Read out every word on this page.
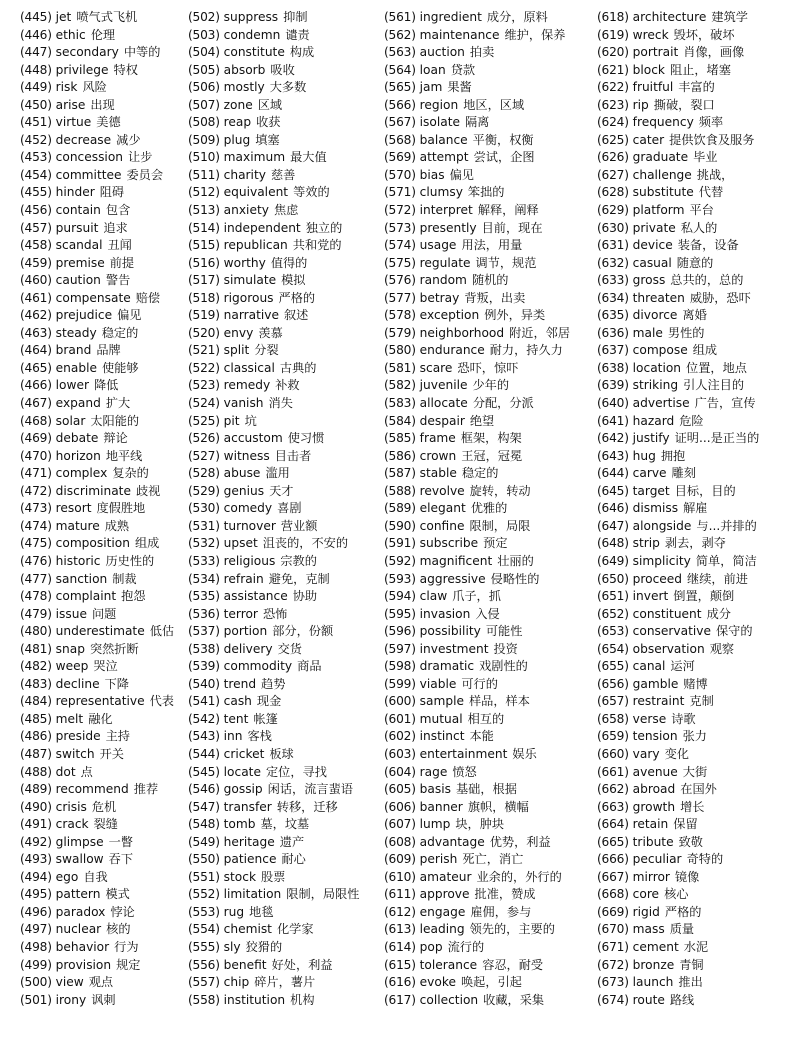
(445) jet 喷气式飞机
(446) ethic 伦理
(447) secondary 中等的
(448) privilege 特权
(449) risk 风险
(450) arise 出现
(451) virtue 美德
(452) decrease 减少
(453) concession 让步
(454) committee 委员会
(455) hinder 阻碍
(456) contain 包含
(457) pursuit 追求
(458) scandal 丑闻
(459) premise 前提
(460) caution 警告
(461) compensate 赔偿
(462) prejudice 偏见
(463) steady 稳定的
(464) brand 品牌
(465) enable 使能够
(466) lower 降低
(467) expand 扩大
(468) solar 太阳能的
(469) debate 辩论
(470) horizon 地平线
(471) complex 复杂的
(472) discriminate 歧视
(473) resort 度假胜地
(474) mature 成熟
(475) composition 组成
(476) historic 历史性的
(477) sanction 制裁
(478) complaint 抱怨
(479) issue 问题
(480) underestimate 低估
(481) snap 突然折断
(482) weep 哭泣
(483) decline 下降
(484) representative 代表
(485) melt 融化
(486) preside 主持
(487) switch 开关
(488) dot 点
(489) recommend 推荐
(490) crisis 危机
(491) crack 裂缝
(492) glimpse 一瞥
(493) swallow 吞下
(494) ego 自我
(495) pattern 模式
(496) paradox 悖论
(497) nuclear 核的
(498) behavior 行为
(499) provision 规定
(500) view 观点
(501) irony 讽刺
(502) suppress 抑制
(503) condemn 谴责
(504) constitute 构成
(505) absorb 吸收
(506) mostly 大多数
(507) zone 区域
(508) reap 收获
(509) plug 填塞
(510) maximum 最大值
(511) charity 慈善
(512) equivalent 等效的
(513) anxiety 焦虑
(514) independent 独立的
(515) republican 共和党的
(516) worthy 值得的
(517) simulate 模拟
(518) rigorous 严格的
(519) narrative 叙述
(520) envy 羡慕
(521) split 分裂
(522) classical 古典的
(523) remedy 补救
(524) vanish 消失
(525) pit 坑
(526) accustom 使习惯
(527) witness 目击者
(528) abuse 滥用
(529) genius 天才
(530) comedy 喜剧
(531) turnover 营业额
(532) upset 沮丧的，不安的
(533) religious 宗教的
(534) refrain 避免，克制
(535) assistance 协助
(536) terror 恐怖
(537) portion 部分，份额
(538) delivery 交货
(539) commodity 商品
(540) trend 趋势
(541) cash 现金
(542) tent 帐篷
(543) inn 客栈
(544) cricket 板球
(545) locate 定位，寻找
(546) gossip 闲话，流言蜚语
(547) transfer 转移，迁移
(548) tomb 墓，坟墓
(549) heritage 遗产
(550) patience 耐心
(551) stock 股票
(552) limitation 限制，局限性
(553) rug 地毯
(554) chemist 化学家
(555) sly 狡猾的
(556) benefit 好处，利益
(557) chip 碎片，薯片
(558) institution 机构
(561) ingredient 成分，原料
(562) maintenance 维护，保养
(563) auction 拍卖
(564) loan 贷款
(565) jam 果酱
(566) region 地区，区域
(567) isolate 隔离
(568) balance 平衡，权衡
(569) attempt 尝试，企图
(570) bias 偏见
(571) clumsy 笨拙的
(572) interpret 解释，阐释
(573) presently 目前，现在
(574) usage 用法，用量
(575) regulate 调节，规范
(576) random 随机的
(577) betray 背叛，出卖
(578) exception 例外，异类
(579) neighborhood 附近，邻居
(580) endurance 耐力，持久力
(581) scare 恐吓，惊吓
(582) juvenile 少年的
(583) allocate 分配，分派
(584) despair 绝望
(585) frame 框架，构架
(586) crown 王冠，冠冕
(587) stable 稳定的
(588) revolve 旋转，转动
(589) elegant 优雅的
(590) confine 限制，局限
(591) subscribe 预定
(592) magnificent 壮丽的
(593) aggressive 侵略性的
(594) claw 爪子，抓
(595) invasion 入侵
(596) possibility 可能性
(597) investment 投资
(598) dramatic 戏剧性的
(599) viable 可行的
(600) sample 样品，样本
(601) mutual 相互的
(602) instinct 本能
(603) entertainment 娱乐
(604) rage 愤怒
(605) basis 基础，根据
(606) banner 旗帜，横幅
(607) lump 块，肿块
(608) advantage 优势，利益
(609) perish 死亡，消亡
(610) amateur 业余的，外行的
(611) approve 批准，赞成
(612) engage 雇佣，参与
(613) leading 领先的，主要的
(614) pop 流行的
(615) tolerance 容忍，耐受
(616) evoke 唤起，引起
(617) collection 收藏，采集
(618) architecture 建筑学
(619) wreck 毁坏，破坏
(620) portrait 肖像，画像
(621) block 阻止，堵塞
(622) fruitful 丰富的
(623) rip 撕破，裂口
(624) frequency 频率
(625) cater 提供饮食及服务
(626) graduate 毕业
(627) challenge 挑战，
(628) substitute 代替
(629) platform 平台
(630) private 私人的
(631) device 装备，设备
(632) casual 随意的
(633) gross 总共的，总的
(634) threaten 威胁，恐吓
(635) divorce 离婚
(636) male 男性的
(637) compose 组成
(638) location 位置，地点
(639) striking 引人注目的
(640) advertise 广告，宣传
(641) hazard 危险
(642) justify 证明...是正当的
(643) hug 拥抱
(644) carve 雕刻
(645) target 目标，目的
(646) dismiss 解雇
(647) alongside 与...并排的
(648) strip 剥去，剥夺
(649) simplicity 简单，简洁
(650) proceed 继续，前进
(651) invert 倒置，颠倒
(652) constituent 成分
(653) conservative 保守的
(654) observation 观察
(655) canal 运河
(656) gamble 赌博
(657) restraint 克制
(658) verse 诗歌
(659) tension 张力
(660) vary 变化
(661) avenue 大街
(662) abroad 在国外
(663) growth 增长
(664) retain 保留
(665) tribute 致敬
(666) peculiar 奇特的
(667) mirror 镜像
(668) core 核心
(669) rigid 严格的
(670) mass 质量
(671) cement 水泥
(672) bronze 青铜
(673) launch 推出
(674) route 路线
